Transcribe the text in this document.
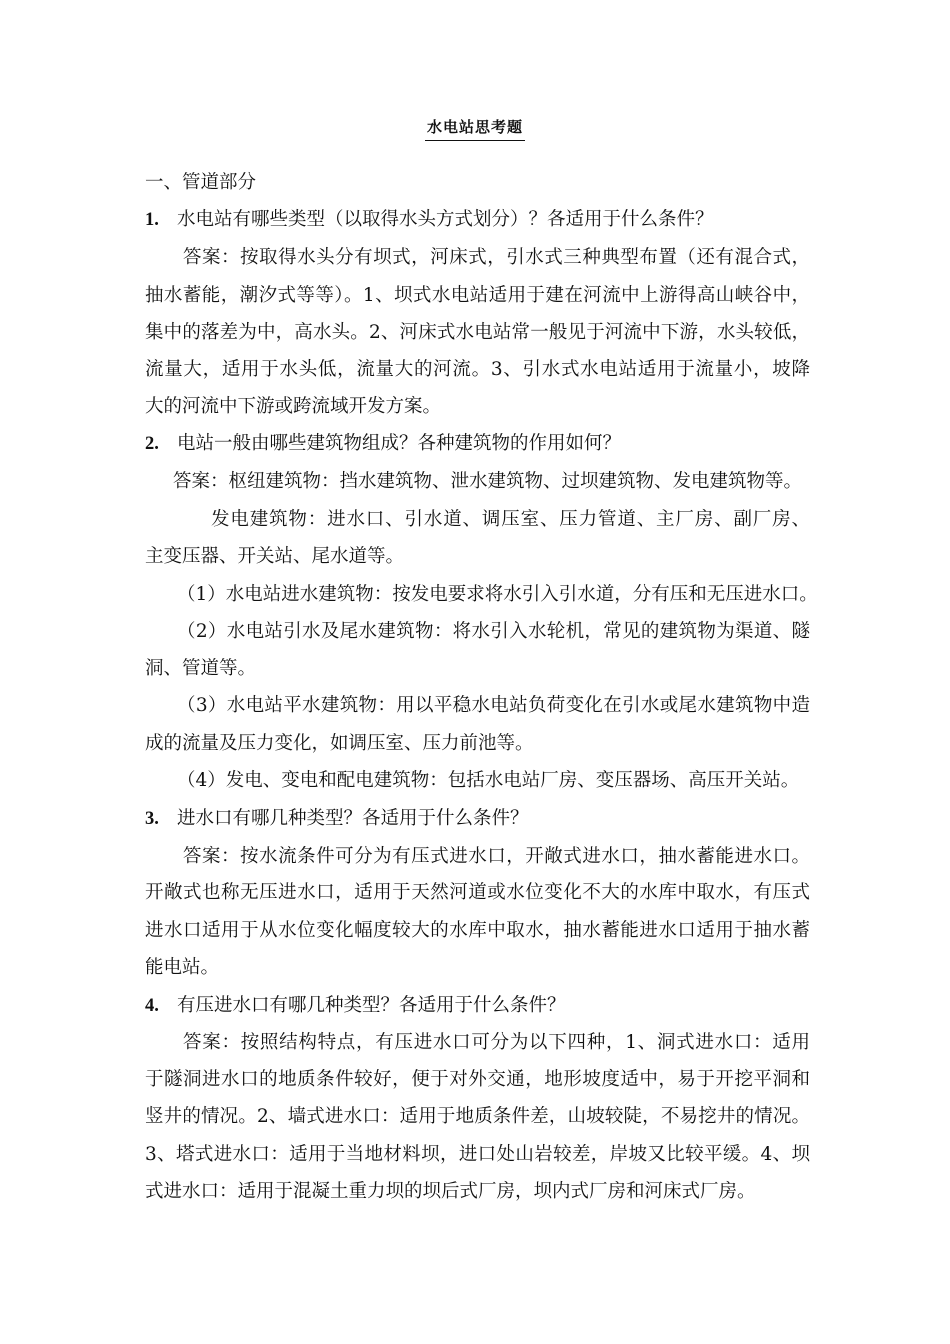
水电站思考题
一、管道部分
1. 水电站有哪些类型（以取得水头方式划分）？各适用于什么条件？
答案：按取得水头分有坝式，河床式，引水式三种典型布置（还有混合式，
抽水蓄能，潮汐式等等）。1、坝式水电站适用于建在河流中上游得高山峡谷中，
集中的落差为中，高水头。2、河床式水电站常一般见于河流中下游，水头较低，
流量大，适用于水头低，流量大的河流。3、引水式水电站适用于流量小，坡降
大的河流中下游或跨流域开发方案。
2. 电站一般由哪些建筑物组成？各种建筑物的作用如何？
答案：枢纽建筑物：挡水建筑物、泄水建筑物、过坝建筑物、发电建筑物等。
发电建筑物：进水口、引水道、调压室、压力管道、主厂房、副厂房、
主变压器、开关站、尾水道等。
（1）水电站进水建筑物：按发电要求将水引入引水道，分有压和无压进水口。
（2）水电站引水及尾水建筑物：将水引入水轮机，常见的建筑物为渠道、隧
洞、管道等。
（3）水电站平水建筑物：用以平稳水电站负荷变化在引水或尾水建筑物中造
成的流量及压力变化，如调压室、压力前池等。
（4）发电、变电和配电建筑物：包括水电站厂房、变压器场、高压开关站。
3. 进水口有哪几种类型？各适用于什么条件？
答案：按水流条件可分为有压式进水口，开敞式进水口，抽水蓄能进水口。
开敞式也称无压进水口，适用于天然河道或水位变化不大的水库中取水，有压式
进水口适用于从水位变化幅度较大的水库中取水，抽水蓄能进水口适用于抽水蓄
能电站。
4. 有压进水口有哪几种类型？各适用于什么条件？
答案：按照结构特点，有压进水口可分为以下四种，1、洞式进水口：适用
于隧洞进水口的地质条件较好，便于对外交通，地形坡度适中，易于开挖平洞和
竖井的情况。2、墙式进水口：适用于地质条件差，山坡较陡，不易挖井的情况。
3、塔式进水口：适用于当地材料坝，进口处山岩较差，岸坡又比较平缓。4、坝
式进水口：适用于混凝土重力坝的坝后式厂房，坝内式厂房和河床式厂房。
